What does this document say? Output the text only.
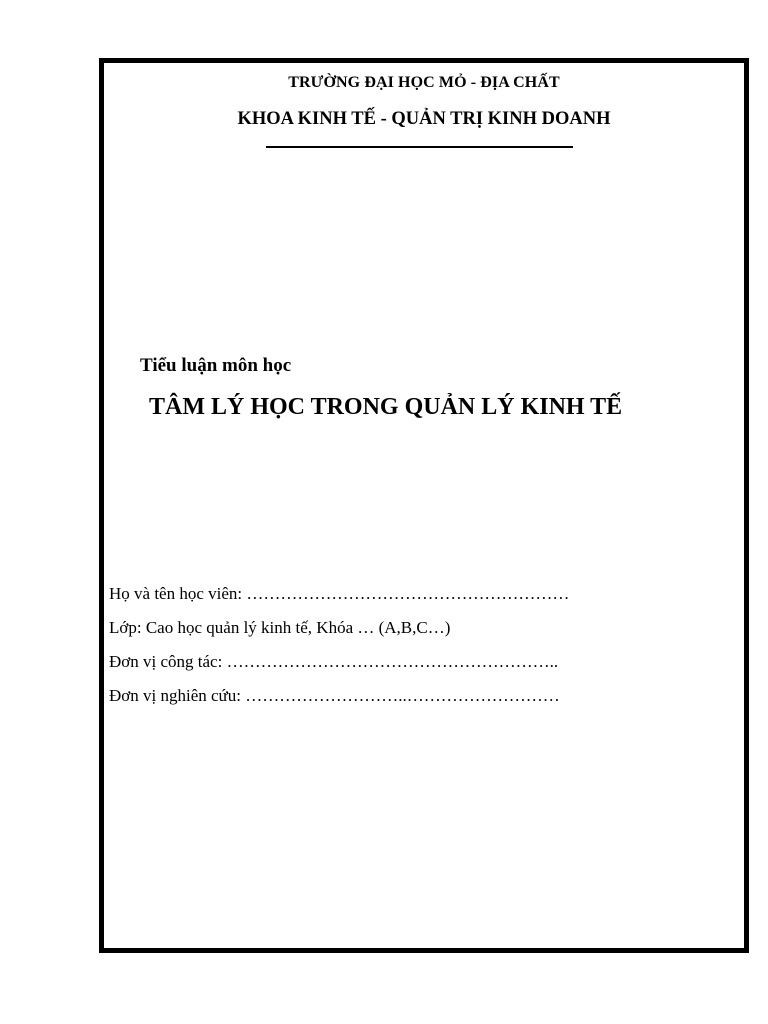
TRƯỜNG ĐẠI HỌC MỎ - ĐỊA CHẤT
KHOA KINH TẾ - QUẢN TRỊ KINH DOANH
Tiểu luận môn học
TÂM LÝ HỌC TRONG QUẢN LÝ KINH TẾ
Họ và tên học viên: …………………………………………………
Lớp: Cao học quản lý kinh tế, Khóa … (A,B,C…)
Đơn vị công tác: …………………………………………………..
Đơn vị nghiên cứu: ………………………..………………………
